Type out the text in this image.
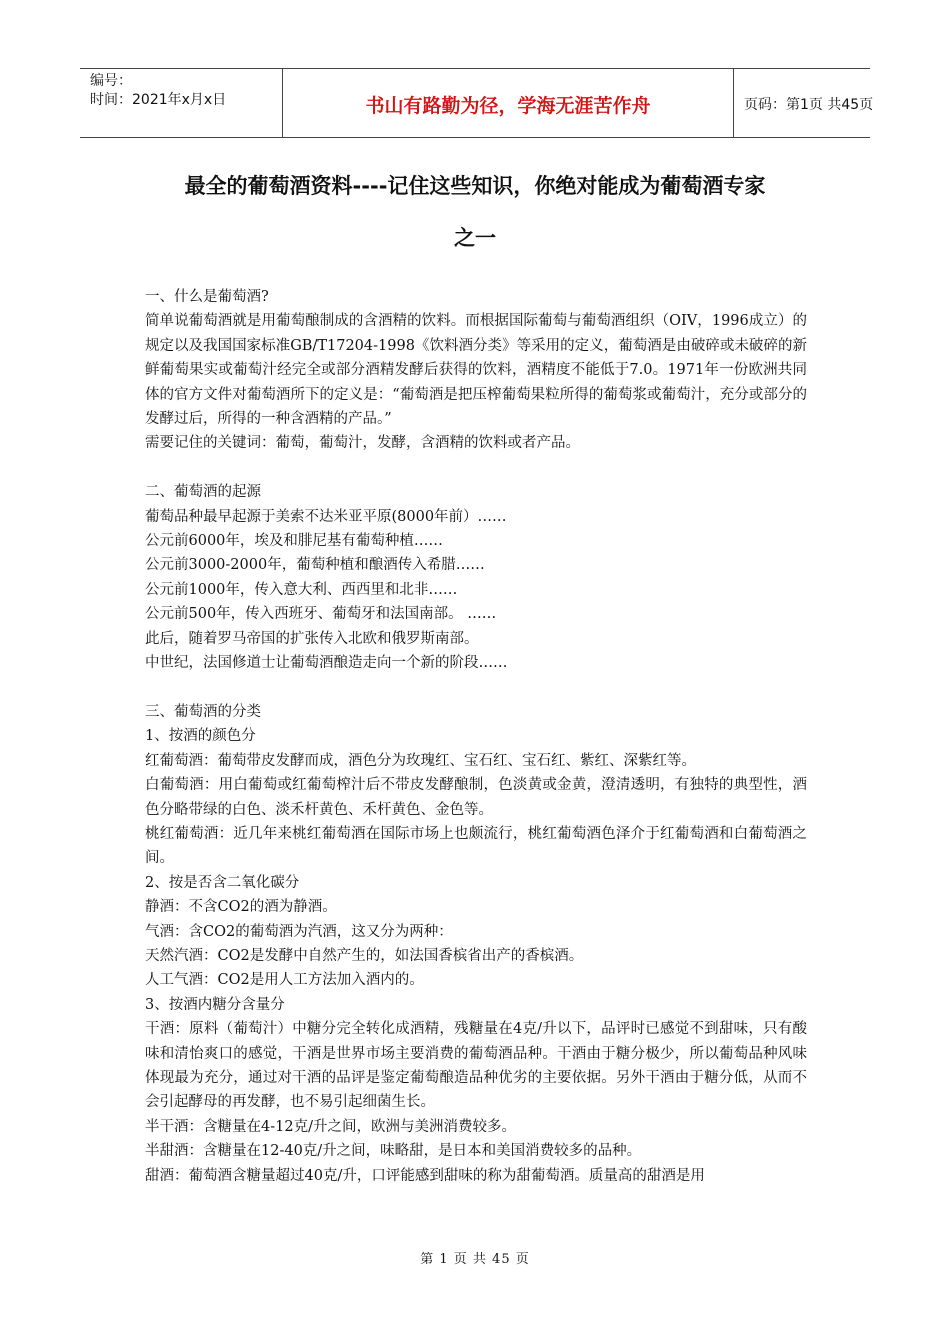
编号：
时间：2021年x月x日	书山有路勤为径，学海无涯苦作舟	页码：第1页 共45页
最全的葡萄酒资料----记住这些知识，你绝对能成为葡萄酒专家
之一

一、什么是葡萄酒?

简单说葡萄酒就是用葡萄酿制成的含酒精的饮料。而根据国际葡萄与葡萄酒组织（OIV，1996成立）的规定以及我国国家标准GB/T17204-1998《饮料酒分类》等采用的定义，葡萄酒是由破碎或未破碎的新鲜葡萄果实或葡萄汁经完全或部分酒精发酵后获得的饮料，酒精度不能低于7.0。1971年一份欧洲共同体的官方文件对葡萄酒所下的定义是：“葡萄酒是把压榨葡萄果粒所得的葡萄浆或葡萄汁，充分或部分的发酵过后，所得的一种含酒精的产品。”

需要记住的关键词：葡萄，葡萄汁，发酵，含酒精的饮料或者产品。

二、葡萄酒的起源

葡萄品种最早起源于美索不达米亚平原(8000年前）……

公元前6000年，埃及和腓尼基有葡萄种植……

公元前3000-2000年，葡萄种植和酿酒传入希腊……

公元前1000年，传入意大利、西西里和北非……

公元前500年，传入西班牙、葡萄牙和法国南部。 ……

此后，随着罗马帝国的扩张传入北欧和俄罗斯南部。

中世纪，法国修道士让葡萄酒酿造走向一个新的阶段……

三、葡萄酒的分类

1、按酒的颜色分

红葡萄酒：葡萄带皮发酵而成，酒色分为玫瑰红、宝石红、宝石红、紫红、深紫红等。

白葡萄酒：用白葡萄或红葡萄榨汁后不带皮发酵酿制，色淡黄或金黄，澄清透明，有独特的典型性，酒色分略带绿的白色、淡禾杆黄色、禾杆黄色、金色等。

桃红葡萄酒：近几年来桃红葡萄酒在国际市场上也颇流行，桃红葡萄酒色泽介于红葡萄酒和白葡萄酒之间。

2、按是否含二氧化碳分

静酒：不含CO2的酒为静酒。

气酒：含CO2的葡萄酒为汽酒，这又分为两种：

天然汽酒：CO2是发酵中自然产生的，如法国香槟省出产的香槟酒。

人工气酒：CO2是用人工方法加入酒内的。

3、按酒内糖分含量分

干酒：原料（葡萄汁）中糖分完全转化成酒精，残糖量在4克/升以下，品评时已感觉不到甜味，只有酸味和清怡爽口的感觉，干酒是世界市场主要消费的葡萄酒品种。干酒由于糖分极少，所以葡萄品种风味体现最为充分，通过对干酒的品评是鉴定葡萄酿造品种优劣的主要依据。另外干酒由于糖分低，从而不会引起酵母的再发酵，也不易引起细菌生长。

半干酒：含糖量在4-12克/升之间，欧洲与美洲消费较多。

半甜酒：含糖量在12-40克/升之间，味略甜，是日本和美国消费较多的品种。

甜酒：葡萄酒含糖量超过40克/升，口评能感到甜味的称为甜葡萄酒。质量高的甜酒是用

第 1 页 共 45 页
